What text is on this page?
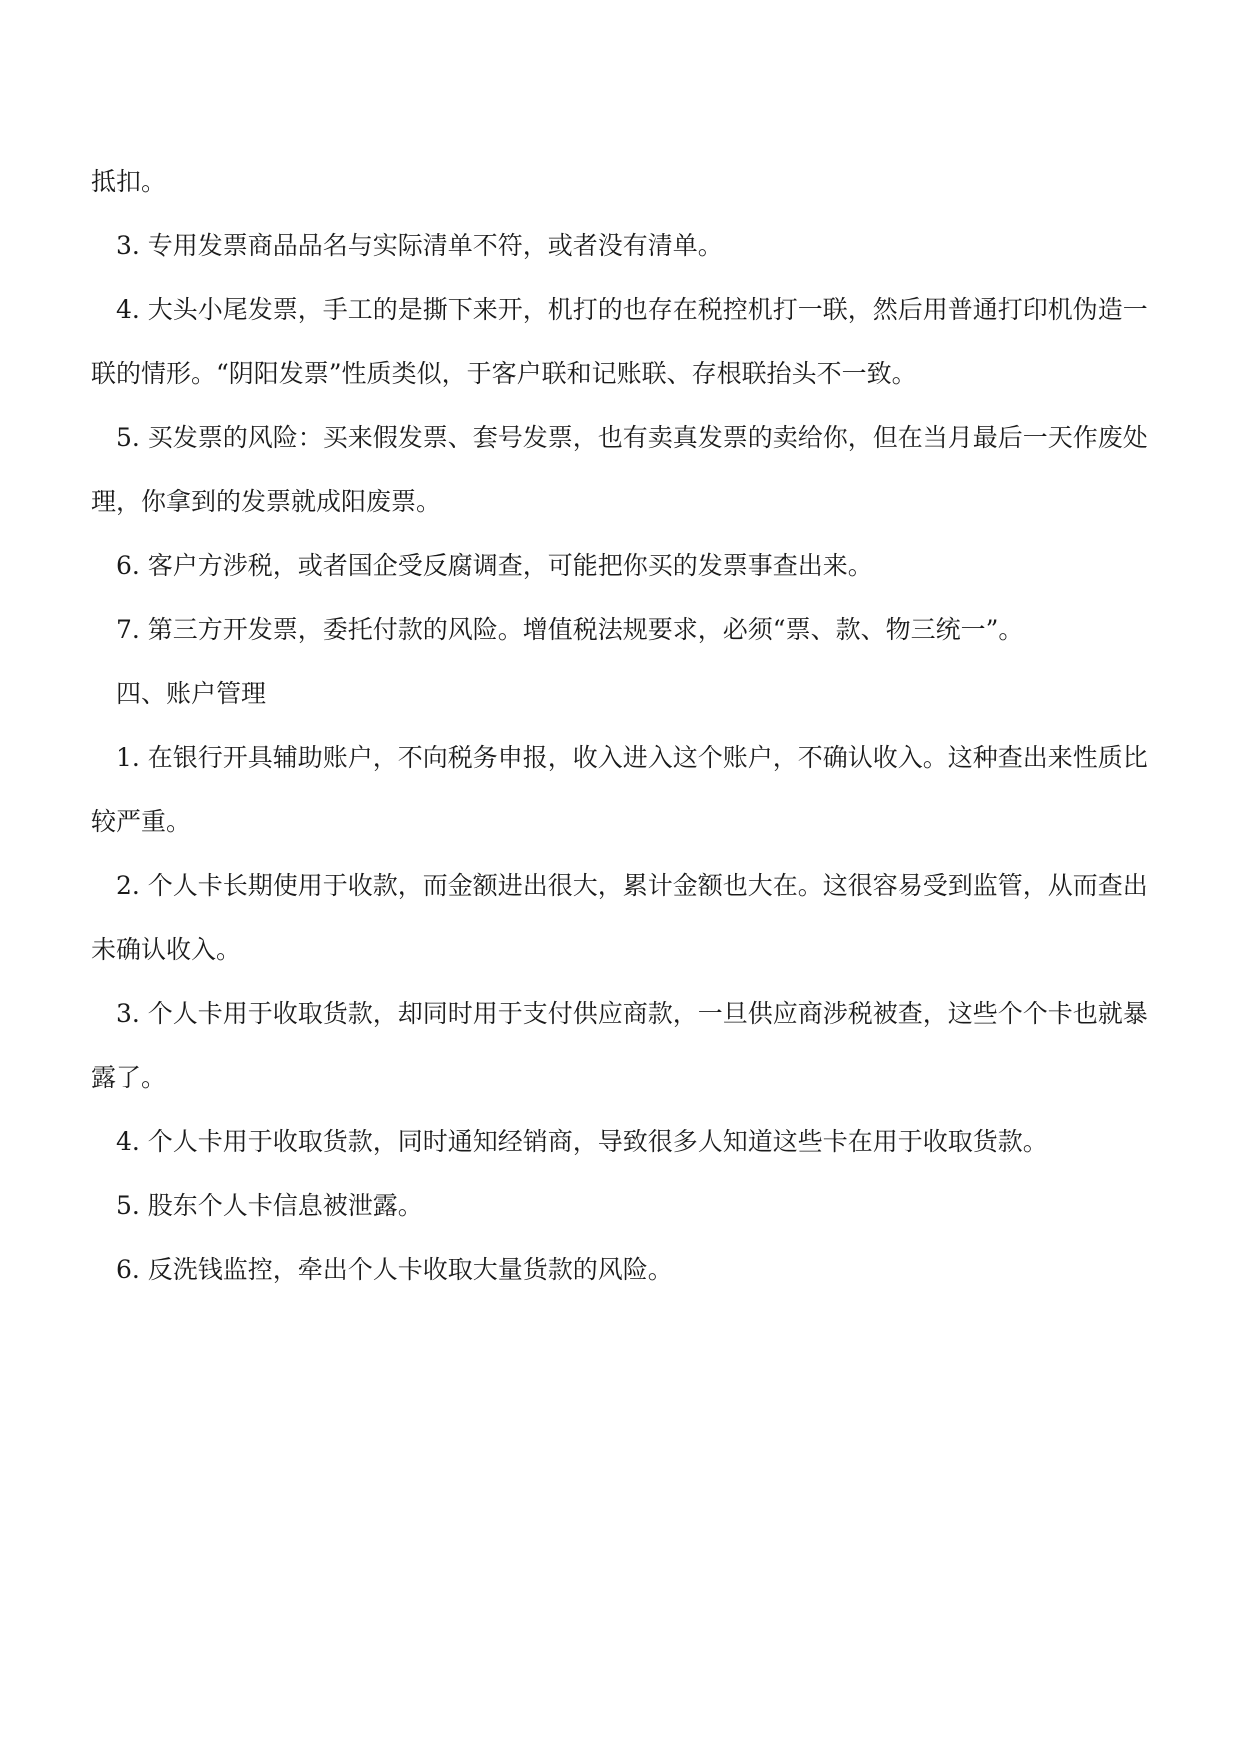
抵扣。

3. 专用发票商品品名与实际清单不符，或者没有清单。

4. 大头小尾发票，手工的是撕下来开，机打的也存在税控机打一联，然后用普通打印机伪造一联的情形。“阴阳发票”性质类似，于客户联和记账联、存根联抬头不一致。

5. 买发票的风险：买来假发票、套号发票，也有卖真发票的卖给你，但在当月最后一天作废处理，你拿到的发票就成阳废票。

6. 客户方涉税，或者国企受反腐调查，可能把你买的发票事查出来。

7. 第三方开发票，委托付款的风险。增值税法规要求，必须“票、款、物三统一”。

四、账户管理

1. 在银行开具辅助账户，不向税务申报，收入进入这个账户，不确认收入。这种查出来性质比较严重。

2. 个人卡长期使用于收款，而金额进出很大，累计金额也大在。这很容易受到监管，从而查出未确认收入。

3. 个人卡用于收取货款，却同时用于支付供应商款，一旦供应商涉税被查，这些个个卡也就暴露了。

4. 个人卡用于收取货款，同时通知经销商，导致很多人知道这些卡在用于收取货款。

5. 股东个人卡信息被泄露。

6. 反洗钱监控，牵出个人卡收取大量货款的风险。
